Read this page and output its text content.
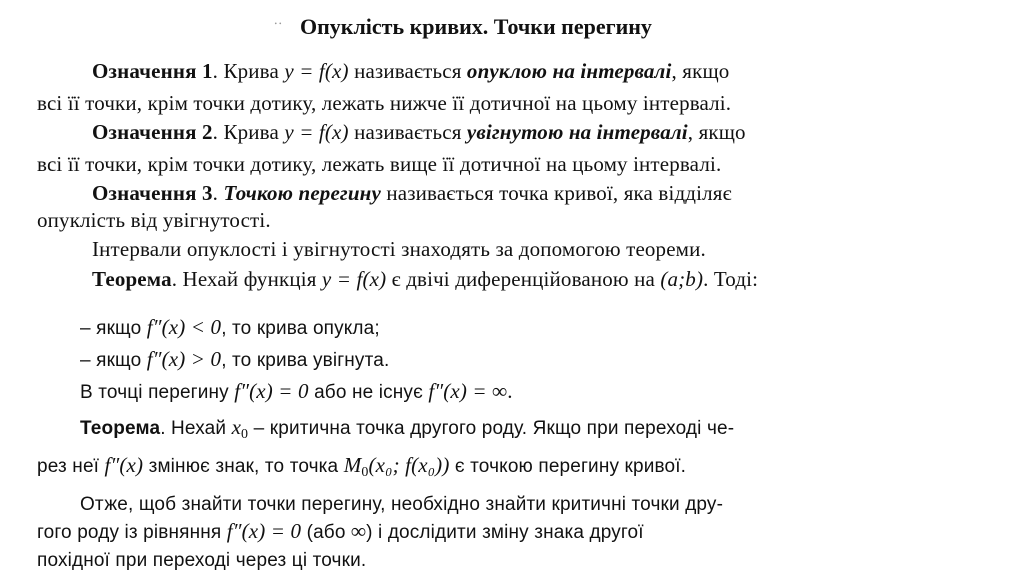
∙∙ Опуклість кривих. Точки перегину
Означення 1. Крива y = f(x) називається опуклою на інтервалі, якщо
всі її точки, крім точки дотику, лежать нижче її дотичної на цьому інтервалі.
Означення 2. Крива y = f(x) називається увігнутою на інтервалі, якщо
всі її точки, крім точки дотику, лежать вище її дотичної на цьому інтервалі.
Означення 3. Точкою перегину називається точка кривої, яка відділяє
опуклість від увігнутості.
Інтервали опуклості і увігнутості знаходять за допомогою теореми.
Теорема. Нехай функція y = f(x) є двічі диференційованою на (a;b). Тоді:
– якщо f″(x) < 0, то крива опукла;
– якщо f″(x) > 0, то крива увігнута.
В точці перегину f″(x) = 0 або не існує f″(x) = ∞.
Теорема. Нехай $x_0$ – критична точка другого роду. Якщо при переході че-
рез неї f″(x) змінює знак, то точка $M_0(x_0$; f(x₀)) є точкою перегину кривої.
Отже, щоб знайти точки перегину, необхідно знайти критичні точки дру-
гого роду із рівняння f″(x) = 0 (або ∞) і дослідити зміну знака другої
похідної при переході через ці точки.
